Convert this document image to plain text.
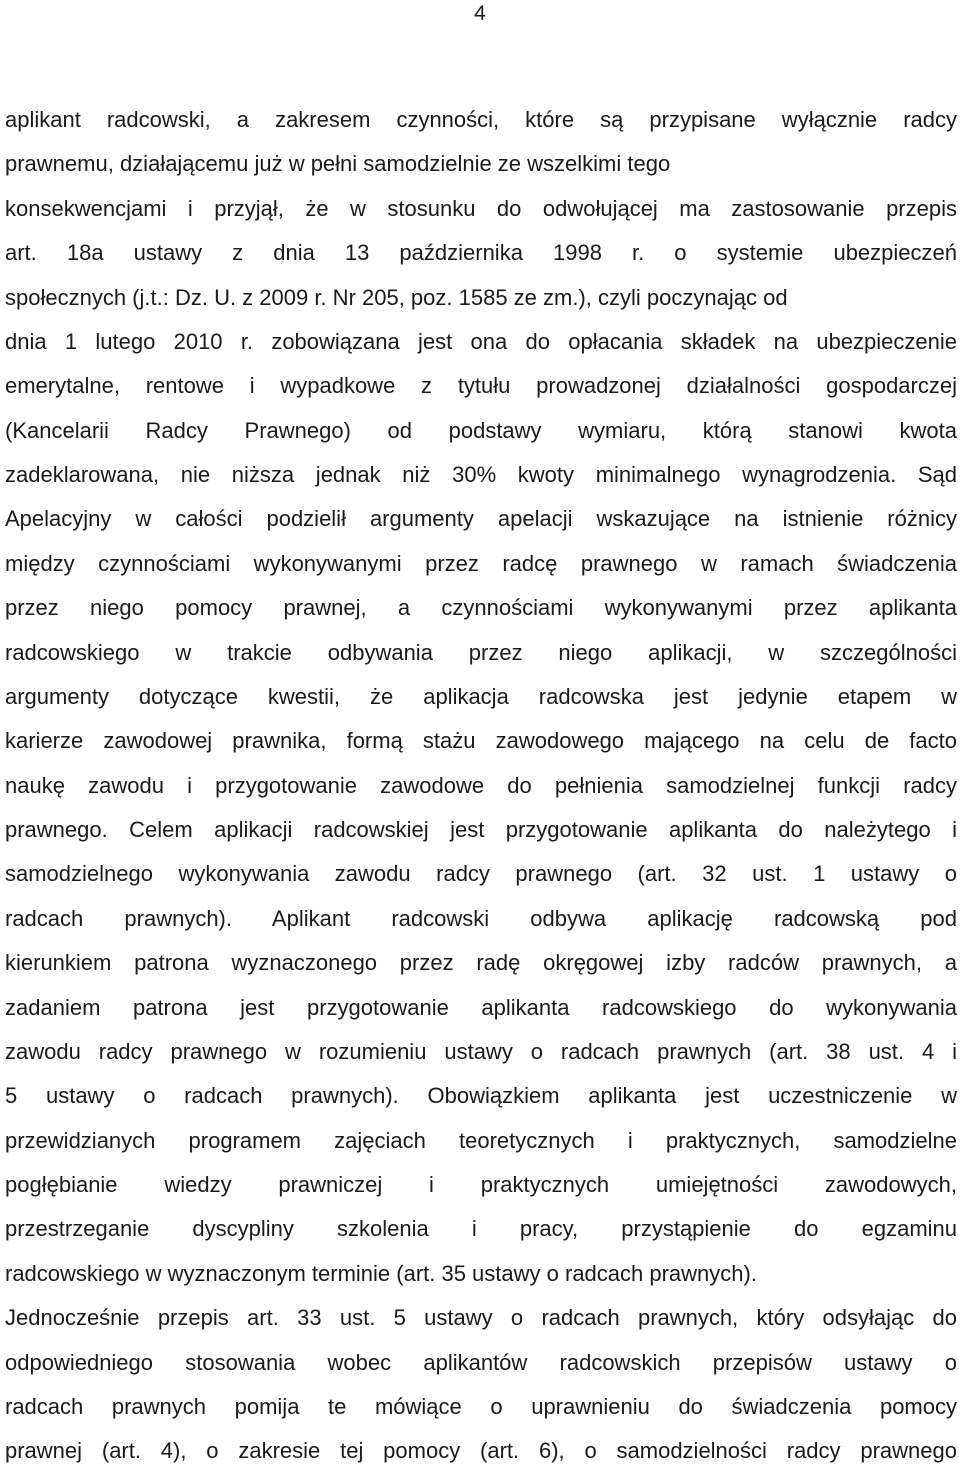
4
aplikant radcowski, a zakresem czynności, które są przypisane wyłącznie radcy
prawnemu, działającemu już w pełni samodzielnie ze wszelkimi tego
konsekwencjami i przyjął, że w stosunku do odwołującej ma zastosowanie przepis
art. 18a ustawy z dnia 13 października 1998 r. o systemie ubezpieczeń
społecznych (j.t.: Dz. U. z 2009 r. Nr 205, poz. 1585 ze zm.), czyli poczynając od
dnia 1 lutego 2010 r. zobowiązana jest ona do opłacania składek na ubezpieczenie
emerytalne, rentowe i wypadkowe z tytułu prowadzonej działalności gospodarczej
(Kancelarii Radcy Prawnego) od podstawy wymiaru, którą stanowi kwota
zadeklarowana, nie niższa jednak niż 30% kwoty minimalnego wynagrodzenia. Sąd
Apelacyjny w całości podzielił argumenty apelacji wskazujące na istnienie różnicy
między czynnościami wykonywanymi przez radcę prawnego w ramach świadczenia
przez niego pomocy prawnej, a czynnościami wykonywanymi przez aplikanta
radcowskiego w trakcie odbywania przez niego aplikacji, w szczególności
argumenty dotyczące kwestii, że aplikacja radcowska jest jedynie etapem w
karierze zawodowej prawnika, formą stażu zawodowego mającego na celu de facto
naukę zawodu i przygotowanie zawodowe do pełnienia samodzielnej funkcji radcy
prawnego. Celem aplikacji radcowskiej jest przygotowanie aplikanta do należytego i
samodzielnego wykonywania zawodu radcy prawnego (art. 32 ust. 1 ustawy o
radcach prawnych). Aplikant radcowski odbywa aplikację radcowską pod
kierunkiem patrona wyznaczonego przez radę okręgowej izby radców prawnych, a
zadaniem patrona jest przygotowanie aplikanta radcowskiego do wykonywania
zawodu radcy prawnego w rozumieniu ustawy o radcach prawnych (art. 38 ust. 4 i
5 ustawy o radcach prawnych). Obowiązkiem aplikanta jest uczestniczenie w
przewidzianych programem zajęciach teoretycznych i praktycznych, samodzielne
pogłębianie wiedzy prawniczej i praktycznych umiejętności zawodowych,
przestrzeganie dyscypliny szkolenia i pracy, przystąpienie do egzaminu
radcowskiego w wyznaczonym terminie (art. 35 ustawy o radcach prawnych).
Jednocześnie przepis art. 33 ust. 5 ustawy o radcach prawnych, który odsyłając do
odpowiedniego stosowania wobec aplikantów radcowskich przepisów ustawy o
radcach prawnych pomija te mówiące o uprawnieniu do świadczenia pomocy
prawnej (art. 4), o zakresie tej pomocy (art. 6), o samodzielności radcy prawnego
